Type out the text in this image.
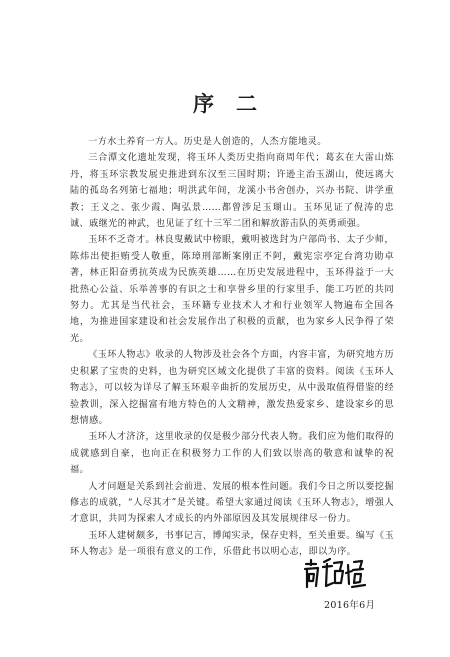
序二

一方水土养育一方人。历史是人创造的，人杰方能地灵。

三合潭文化遗址发现，将玉环人类历史指向商周年代；葛玄在大雷山炼丹，将玉环宗教发展史推进到东汉至三国时期；许逊主治玉湖山，使远离大陆的孤岛名列第七福地；明洪武年间，龙溪小书舍创办，兴办书院、讲学重教；王义之、张少霞、陶弘景……都曾涉足玉瑚山。玉环见证了倪涛的忠诚、戚继光的神武，也见证了红十三军二团和解放游击队的英勇顽强。

玉环不乏奇才。林良叟戴试中榜眼，戴明被选封为户部尚书、太子少师，陈炜出使拒贿受人敬重，陈璋刑部断案刚正不阿，戴宪宗亭定台湾功勋卓著，林正阳奋勇抗英成为民族英雄……在历史发展进程中，玉环得益于一大批热心公益、乐举善事的有识之士和享誉乡里的行家里手、能工巧匠的共同努力。尤其是当代社会，玉环籍专业技术人才和行业领军人物遍布全国各地，为推进国家建设和社会发展作出了积极的贡献，也为家乡人民争得了荣光。

《玉环人物志》收录的人物涉及社会各个方面，内容丰富，为研究地方历史积累了宝贵的史料，也为研究区域文化提供了丰富的资料。阅读《玉环人物志》，可以较为详尽了解玉环艰辛曲折的发展历史，从中汲取值得借鉴的经验教训，深入挖掘富有地方特色的人文精神，激发热爱家乡、建设家乡的思想情感。

玉环人才济济，这里收录的仅是极少部分代表人物。我们应为他们取得的成就感到自豪，也向正在积极努力工作的人们致以崇高的敬意和诚挚的祝福。

人才问题是关系到社会前进、发展的根本性问题。我们今日之所以要挖掘修志的成就，“人尽其才”是关键。希望大家通过阅读《玉环人物志》，增强人才意识，共同为探索人才成长的内外部原因及其发展规律尽一份力。

玉环人建树颇多，书事记言，博闻实录，保存史料，至关重要。编写《玉环人物志》是一项很有意义的工作，乐借此书以明心志，即以为序。

2016年6月
